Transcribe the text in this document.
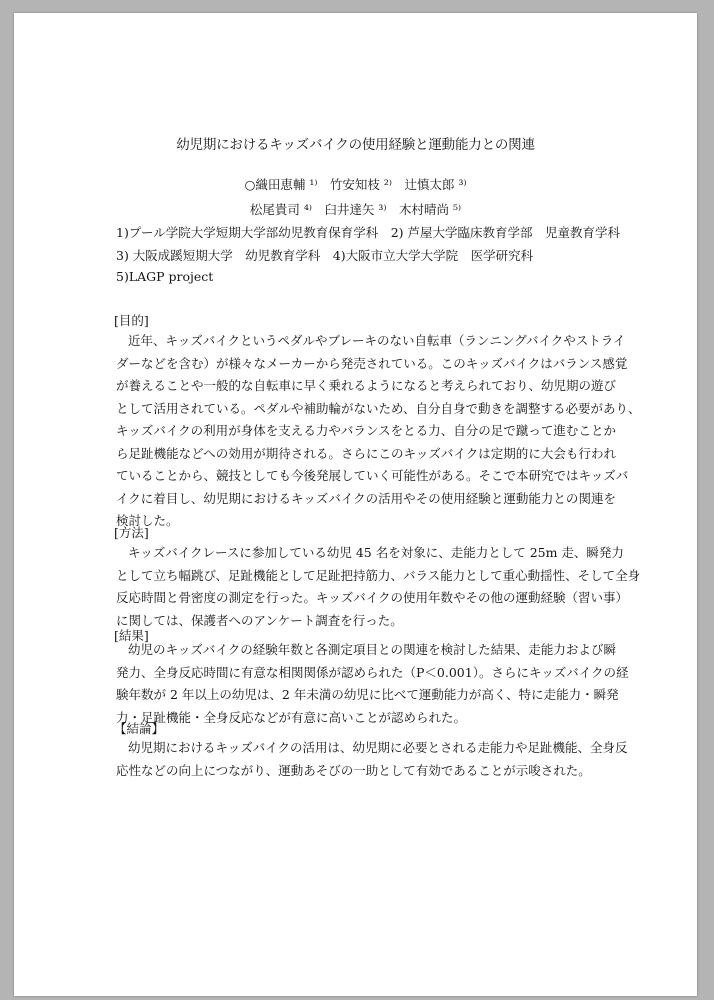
幼児期におけるキッズバイクの使用経験と運動能力との関連
○織田恵輔 ¹⁾　竹安知枝 ²⁾　辻慎太郎 ³⁾
松尾貴司 ⁴⁾　臼井達矢 ³⁾　木村晴尚 ⁵⁾
1)プール学院大学短期大学部幼児教育保育学科　2) 芦屋大学臨床教育学部　児童教育学科
3) 大阪成蹊短期大学　幼児教育学科　4)大阪市立大学大学院　医学研究科
5)LAGP project
[目的]
近年、キッズバイクというペダルやブレーキのない自転車（ランニングバイクやストライ
ダーなどを含む）が様々なメーカーから発売されている。このキッズバイクはバランス感覚
が養えることや一般的な自転車に早く乗れるようになると考えられており、幼児期の遊び
として活用されている。ペダルや補助輪がないため、自分自身で動きを調整する必要があり、
キッズバイクの利用が身体を支える力やバランスをとる力、自分の足で蹴って進むことか
ら足趾機能などへの効用が期待される。さらにこのキッズバイクは定期的に大会も行われ
ていることから、競技としても今後発展していく可能性がある。そこで本研究ではキッズバ
イクに着目し、幼児期におけるキッズバイクの活用やその使用経験と運動能力との関連を
検討した。
[方法]
キッズバイクレースに参加している幼児 45 名を対象に、走能力として 25m 走、瞬発力
として立ち幅跳び、足趾機能として足趾把持筋力、バラス能力として重心動揺性、そして全身
反応時間と骨密度の測定を行った。キッズバイクの使用年数やその他の運動経験（習い事）
に関しては、保護者へのアンケート調査を行った。
[結果]
幼児のキッズバイクの経験年数と各測定項目との関連を検討した結果、走能力および瞬
発力、全身反応時間に有意な相関関係が認められた（P＜0.001）。さらにキッズバイクの経
験年数が 2 年以上の幼児は、2 年未満の幼児に比べて運動能力が高く、特に走能力・瞬発
力・足趾機能・全身反応などが有意に高いことが認められた。
【結論】
幼児期におけるキッズバイクの活用は、幼児期に必要とされる走能力や足趾機能、全身反
応性などの向上につながり、運動あそびの一助として有効であることが示唆された。
